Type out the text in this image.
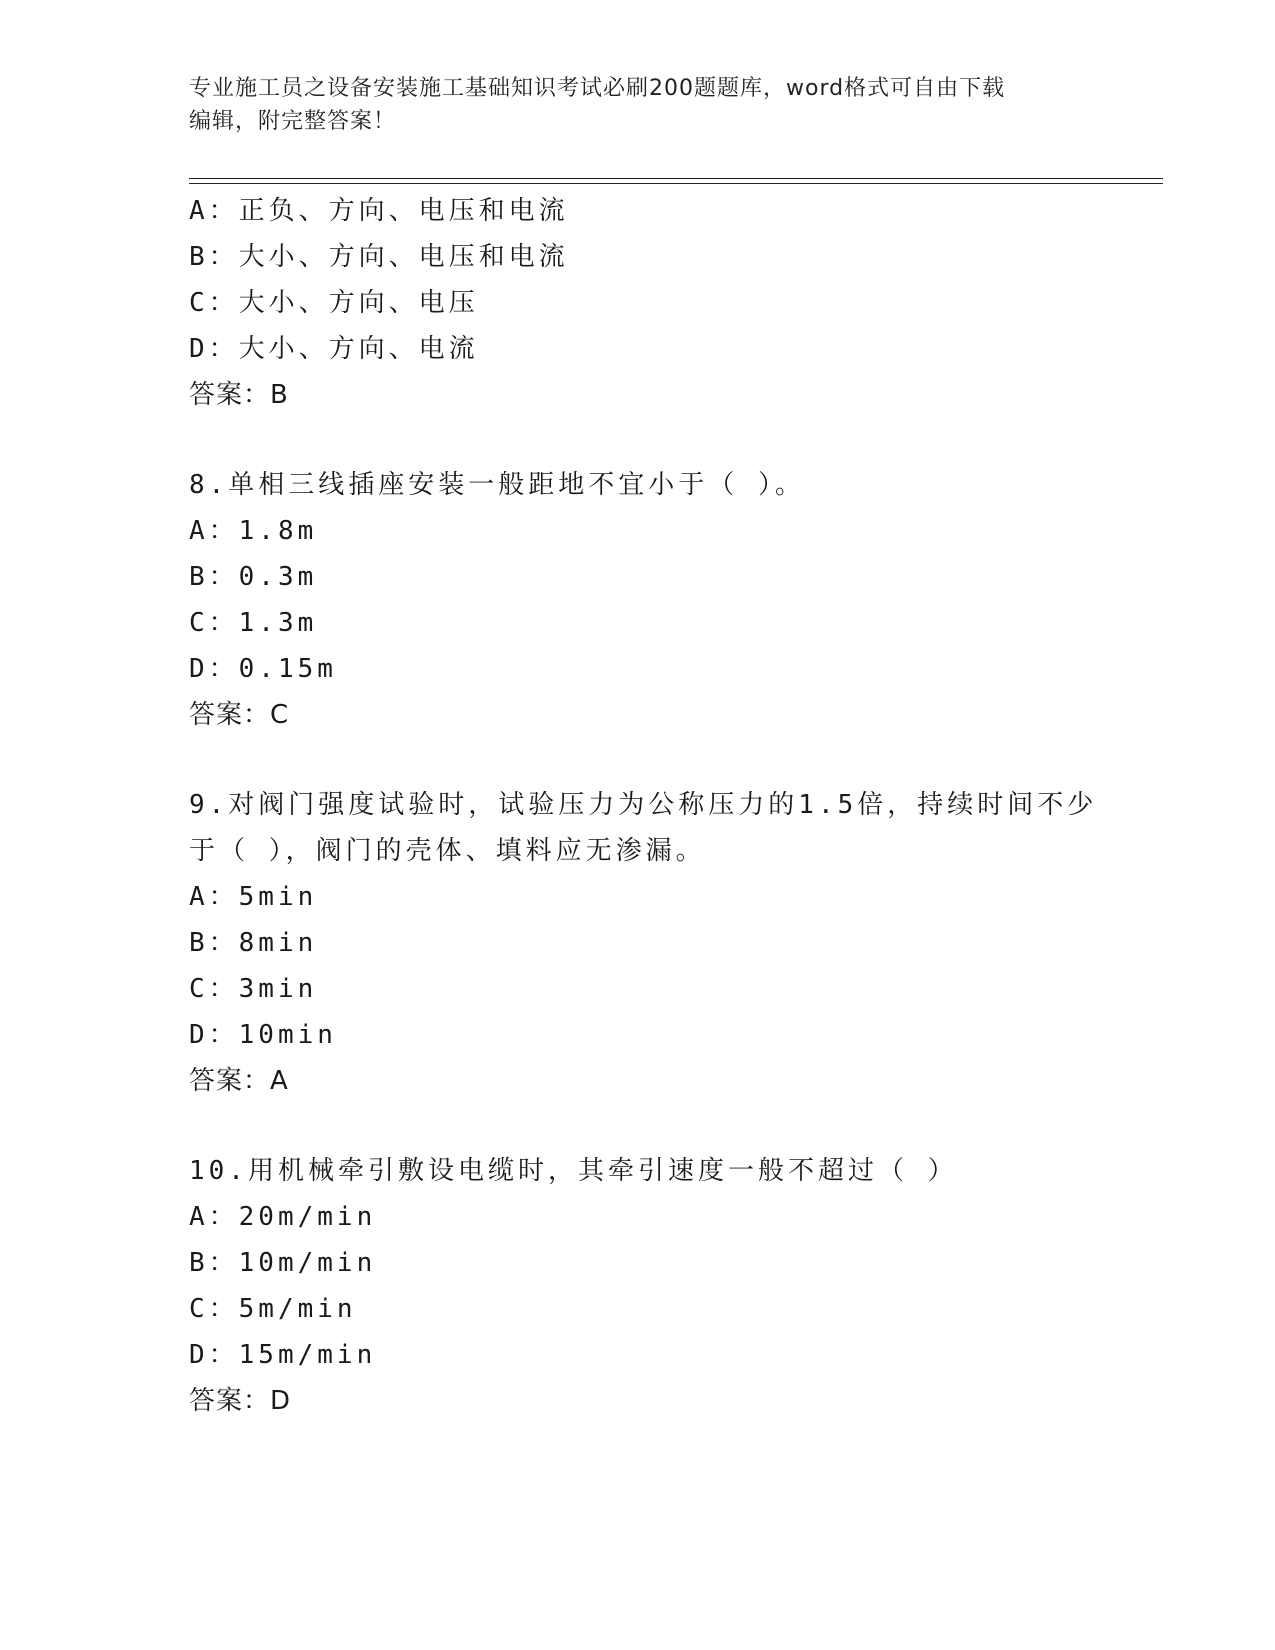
专业施工员之设备安装施工基础知识考试必刷200题题库，word格式可自由下载
编辑，附完整答案！
A：正负、方向、电压和电流
B：大小、方向、电压和电流
C：大小、方向、电压
D：大小、方向、电流
答案：B
8.单相三线插座安装一般距地不宜小于（ ）。
A：1.8m
B：0.3m
C：1.3m
D：0.15m
答案：C
9.对阀门强度试验时，试验压力为公称压力的1.5倍，持续时间不少
于（ ），阀门的壳体、填料应无渗漏。
A：5min
B：8min
C：3min
D：10min
答案：A
10.用机械牵引敷设电缆时，其牵引速度一般不超过（ ）
A：20m/min
B：10m/min
C：5m/min
D：15m/min
答案：D
